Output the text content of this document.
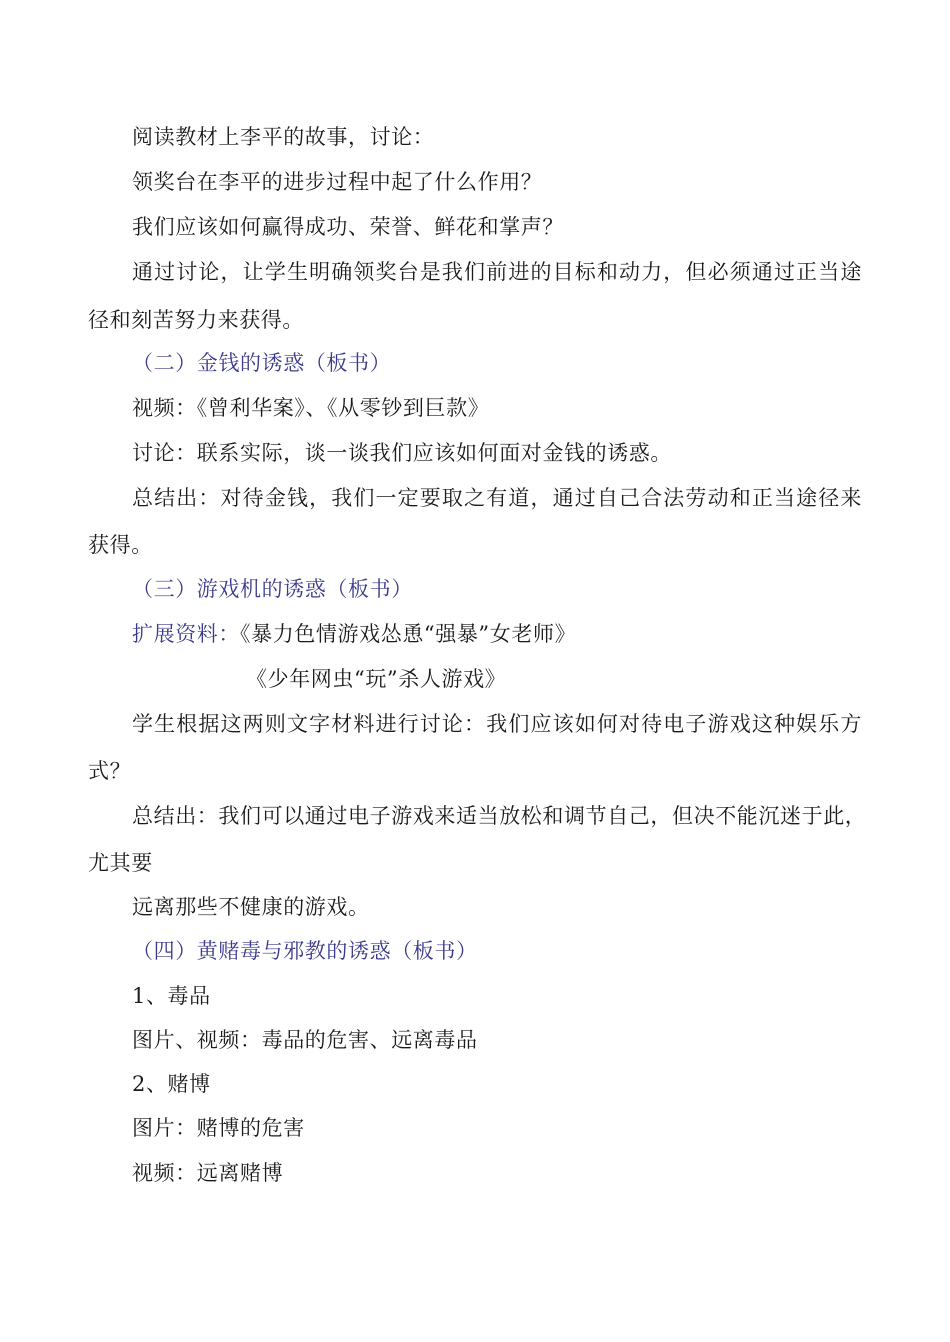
阅读教材上李平的故事，讨论：
领奖台在李平的进步过程中起了什么作用？
我们应该如何赢得成功、荣誉、鲜花和掌声？
通过讨论，让学生明确领奖台是我们前进的目标和动力，但必须通过正当途
径和刻苦努力来获得。
（二）金钱的诱惑（板书）
视频：《曾利华案》、《从零钞到巨款》
讨论：联系实际，谈一谈我们应该如何面对金钱的诱惑。
总结出：对待金钱，我们一定要取之有道，通过自己合法劳动和正当途径来
获得。
（三）游戏机的诱惑（板书）
扩展资料：《暴力色情游戏怂恿“强暴”女老师》
《少年网虫“玩”杀人游戏》
学生根据这两则文字材料进行讨论：我们应该如何对待电子游戏这种娱乐方
式？
总结出：我们可以通过电子游戏来适当放松和调节自己，但决不能沉迷于此，
尤其要
远离那些不健康的游戏。
（四）黄赌毒与邪教的诱惑（板书）
1、毒品
图片、视频：毒品的危害、远离毒品
2、赌博
图片：赌博的危害
视频：远离赌博
